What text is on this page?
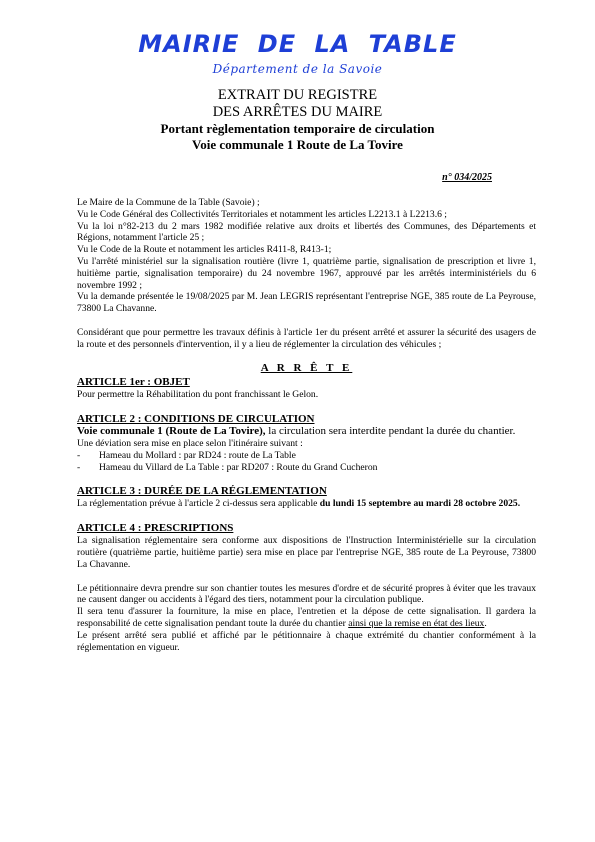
MAIRIE DE LA TABLE
Département de la Savoie
EXTRAIT DU REGISTRE
DES ARRÊTES DU MAIRE
Portant règlementation temporaire de circulation
Voie communale 1 Route de La Tovire
n° 034/2025

Le Maire de la Commune de la Table (Savoie) ;

Vu le Code Général des Collectivités Territoriales et notamment les articles L2213.1 à L2213.6 ;

Vu la loi n°82-213 du 2 mars 1982 modifiée relative aux droits et libertés des Communes, des Départements et Régions, notamment l'article 25 ;

Vu le Code de la Route et notamment les articles R411-8, R413-1;

Vu l'arrêté ministériel sur la signalisation routière (livre 1, quatrième partie, signalisation de prescription et livre 1, huitième partie, signalisation temporaire) du 24 novembre 1967, approuvé par les arrêtés interministériels du 6 novembre 1992 ;

Vu la demande présentée le 19/08/2025 par M. Jean LEGRIS représentant l'entreprise NGE, 385 route de La Peyrouse, 73800 La Chavanne.

Considérant que pour permettre les travaux définis à l'article 1er du présent arrêté et assurer la sécurité des usagers de la route et des personnels d'intervention, il y a lieu de réglementer la circulation des véhicules ;

A R R Ê T E
ARTICLE 1er : OBJET

Pour permettre la Réhabilitation du pont franchissant le Gelon.

ARTICLE 2 : CONDITIONS DE CIRCULATION

Voie communale 1 (Route de La Tovire), la circulation sera interdite pendant la durée du chantier.

Une déviation sera mise en place selon l'itinéraire suivant :

- Hameau du Mollard : par RD24 : route de La Table
- Hameau du Villard de La Table : par RD207 : Route du Grand Cucheron
ARTICLE 3 : DURÉE DE LA RÉGLEMENTATION

La réglementation prévue à l'article 2 ci-dessus sera applicable du lundi 15 septembre au mardi 28 octobre 2025.

ARTICLE 4 : PRESCRIPTIONS

La signalisation réglementaire sera conforme aux dispositions de l'Instruction Interministérielle sur la circulation routière (quatrième partie, huitième partie) sera mise en place par l'entreprise NGE, 385 route de La Peyrouse, 73800 La Chavanne.

Le pétitionnaire devra prendre sur son chantier toutes les mesures d'ordre et de sécurité propres à éviter que les travaux ne causent danger ou accidents à l'égard des tiers, notamment pour la circulation publique.

Il sera tenu d'assurer la fourniture, la mise en place, l'entretien et la dépose de cette signalisation. Il gardera la responsabilité de cette signalisation pendant toute la durée du chantier ainsi que la remise en état des lieux.

Le présent arrêté sera publié et affiché par le pétitionnaire à chaque extrémité du chantier conformément à la réglementation en vigueur.
